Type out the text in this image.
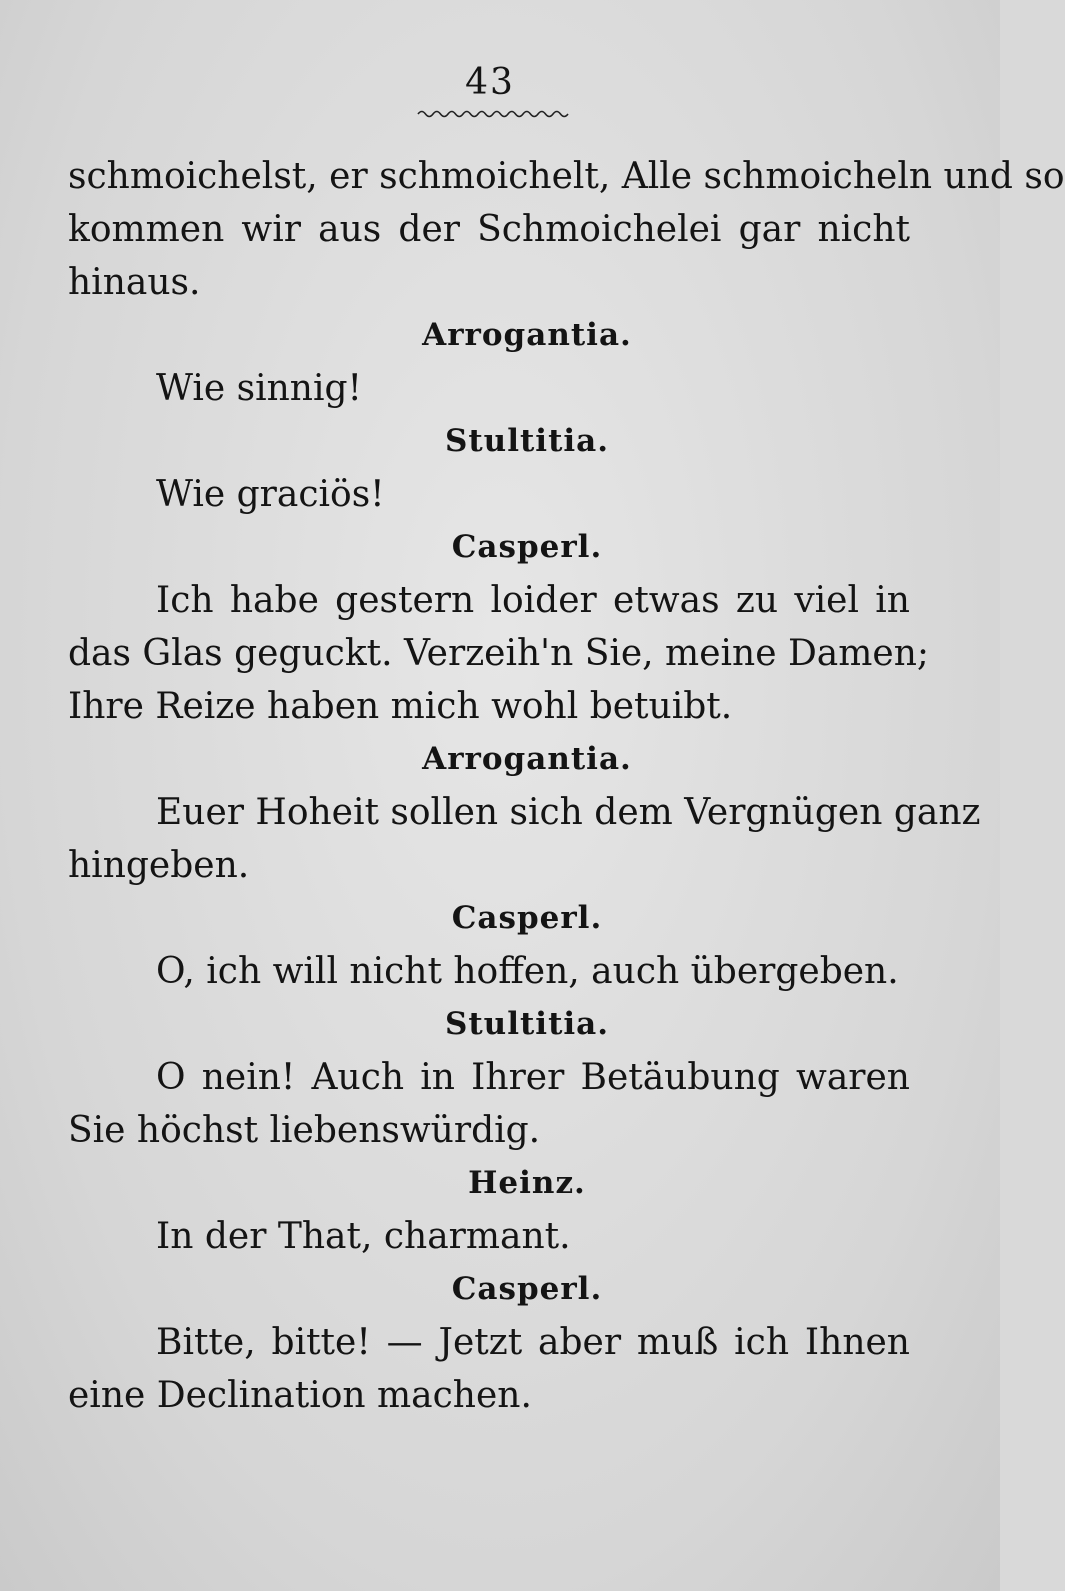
43
schmoichelst, er schmoichelt, Alle schmoicheln und so
kommen wir aus der Schmoichelei gar nicht
hinaus.
Arrogantia.
Wie sinnig!
Stultitia.
Wie graciös!
Casperl.
Ich habe gestern loider etwas zu viel in
das Glas geguckt. Verzeih'n Sie, meine Damen;
Ihre Reize haben mich wohl betuibt.
Arrogantia.
Euer Hoheit sollen sich dem Vergnügen ganz
hingeben.
Casperl.
O, ich will nicht hoffen, auch übergeben.
Stultitia.
O nein! Auch in Ihrer Betäubung waren
Sie höchst liebenswürdig.
Heinz.
In der That, charmant.
Casperl.
Bitte, bitte! — Jetzt aber muß ich Ihnen
eine Declination machen.
